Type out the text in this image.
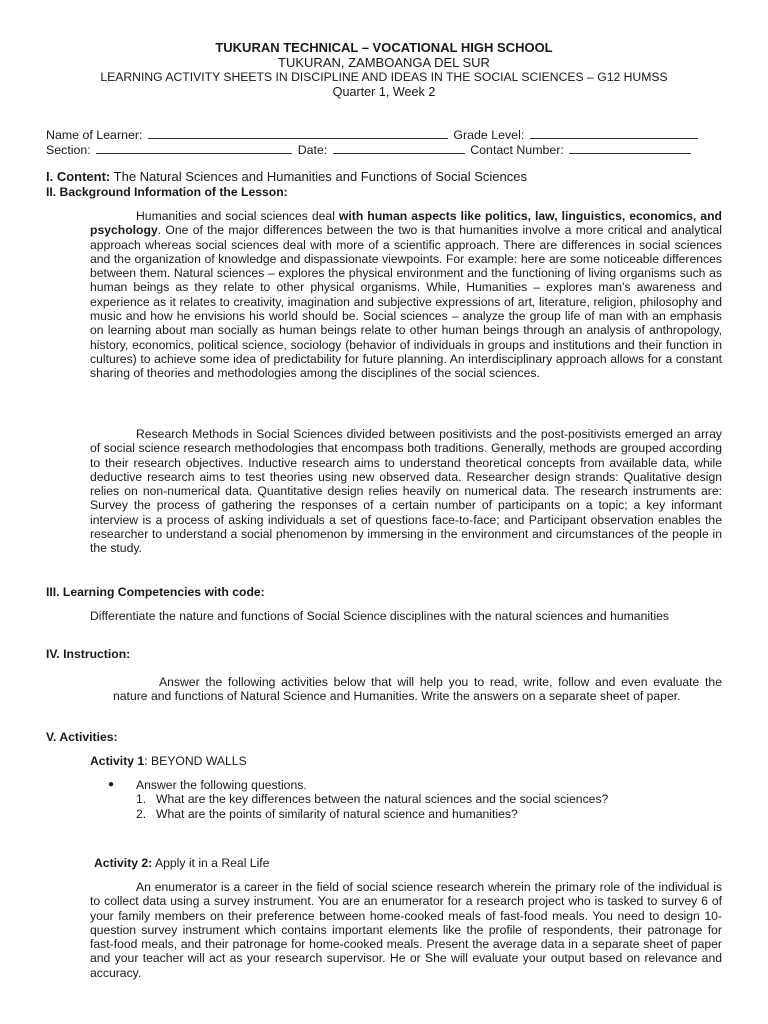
TUKURAN TECHNICAL – VOCATIONAL HIGH SCHOOL
TUKURAN, ZAMBOANGA DEL SUR
LEARNING ACTIVITY SHEETS IN DISCIPLINE AND IDEAS IN THE SOCIAL SCIENCES – G12 HUMSS
Quarter 1, Week 2
Name of Learner:	Grade Level:
Section:	Date:	Contact Number:
I. Content: The Natural Sciences and Humanities and Functions of Social Sciences
II. Background Information of the Lesson:
Humanities and social sciences deal with human aspects like politics, law, linguistics, economics, and psychology. One of the major differences between the two is that humanities involve a more critical and analytical approach whereas social sciences deal with more of a scientific approach. There are differences in social sciences and the organization of knowledge and dispassionate viewpoints. For example: here are some noticeable differences between them. Natural sciences – explores the physical environment and the functioning of living organisms such as human beings as they relate to other physical organisms. While, Humanities – explores man's awareness and experience as it relates to creativity, imagination and subjective expressions of art, literature, religion, philosophy and music and how he envisions his world should be. Social sciences – analyze the group life of man with an emphasis on learning about man socially as human beings relate to other human beings through an analysis of anthropology, history, economics, political science, sociology (behavior of individuals in groups and institutions and their function in cultures) to achieve some idea of predictability for future planning. An interdisciplinary approach allows for a constant sharing of theories and methodologies among the disciplines of the social sciences.
Research Methods in Social Sciences divided between positivists and the post-positivists emerged an array of social science research methodologies that encompass both traditions. Generally, methods are grouped according to their research objectives. Inductive research aims to understand theoretical concepts from available data, while deductive research aims to test theories using new observed data. Researcher design strands: Qualitative design relies on non-numerical data. Quantitative design relies heavily on numerical data. The research instruments are: Survey the process of gathering the responses of a certain number of participants on a topic; a key informant interview is a process of asking individuals a set of questions face-to-face; and Participant observation enables the researcher to understand a social phenomenon by immersing in the environment and circumstances of the people in the study.
III. Learning Competencies with code:
Differentiate the nature and functions of Social Science disciplines with the natural sciences and humanities
IV. Instruction:
Answer the following activities below that will help you to read, write, follow and even evaluate the nature and functions of Natural Science and Humanities. Write the answers on a separate sheet of paper.
V. Activities:
Activity 1: BEYOND WALLS
● Answer the following questions.
1. What are the key differences between the natural sciences and the social sciences?
2. What are the points of similarity of natural science and humanities?
Activity 2: Apply it in a Real Life
An enumerator is a career in the field of social science research wherein the primary role of the individual is to collect data using a survey instrument. You are an enumerator for a research project who is tasked to survey 6 of your family members on their preference between home-cooked meals of fast-food meals. You need to design 10-question survey instrument which contains important elements like the profile of respondents, their patronage for fast-food meals, and their patronage for home-cooked meals. Present the average data in a separate sheet of paper and your teacher will act as your research supervisor. He or She will evaluate your output based on relevance and accuracy.
